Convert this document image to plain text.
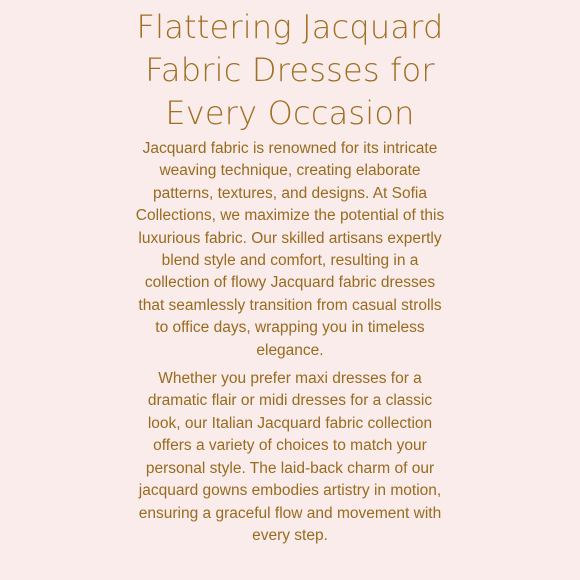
Flattering Jacquard Fabric Dresses for Every Occasion

Jacquard fabric is renowned for its intricate weaving technique, creating elaborate patterns, textures, and designs. At Sofia Collections, we maximize the potential of this luxurious fabric. Our skilled artisans expertly blend style and comfort, resulting in a collection of flowy Jacquard fabric dresses that seamlessly transition from casual strolls to office days, wrapping you in timeless elegance.

Whether you prefer maxi dresses for a dramatic flair or midi dresses for a classic look, our Italian Jacquard fabric collection offers a variety of choices to match your personal style. The laid-back charm of our jacquard gowns embodies artistry in motion, ensuring a graceful flow and movement with every step.
